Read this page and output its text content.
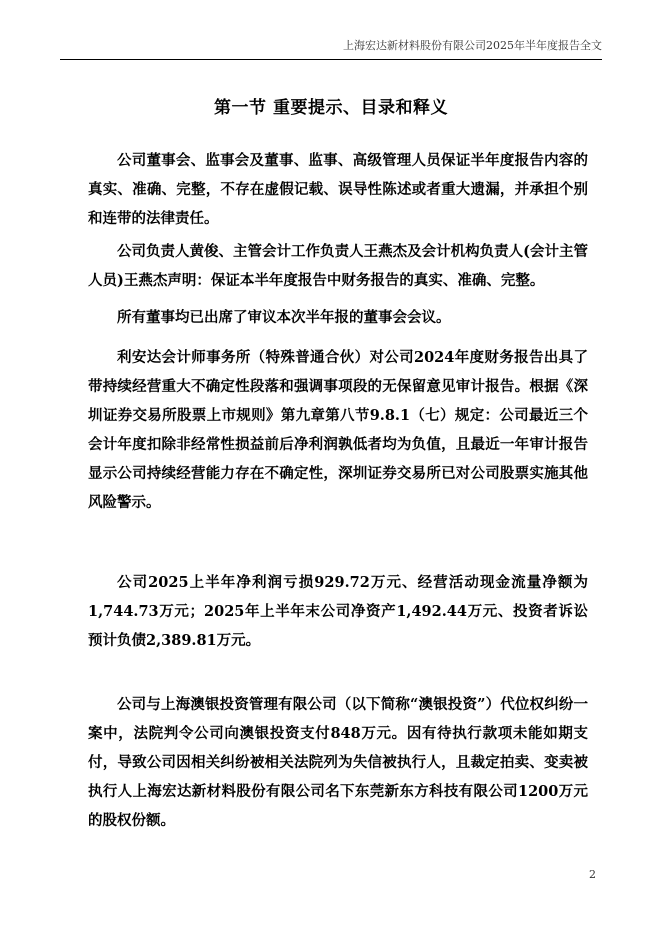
上海宏达新材料股份有限公司2025年半年度报告全文
第一节 重要提示、目录和释义

公司董事会、监事会及董事、监事、高级管理人员保证半年度报告内容的真实、准确、完整，不存在虚假记载、误导性陈述或者重大遗漏，并承担个别和连带的法律责任。

公司负责人黄俊、主管会计工作负责人王燕杰及会计机构负责人(会计主管人员)王燕杰声明：保证本半年度报告中财务报告的真实、准确、完整。

所有董事均已出席了审议本次半年报的董事会会议。

利安达会计师事务所（特殊普通合伙）对公司2024年度财务报告出具了带持续经营重大不确定性段落和强调事项段的无保留意见审计报告。根据《深圳证券交易所股票上市规则》第九章第八节9.8.1（七）规定：公司最近三个会计年度扣除非经常性损益前后净利润孰低者均为负值，且最近一年审计报告显示公司持续经营能力存在不确定性，深圳证券交易所已对公司股票实施其他风险警示。

公司2025上半年净利润亏损929.72万元、经营活动现金流量净额为1,744.73万元；2025年上半年末公司净资产1,492.44万元、投资者诉讼预计负债2,389.81万元。

公司与上海澳银投资管理有限公司（以下简称“澳银投资”）代位权纠纷一案中，法院判令公司向澳银投资支付848万元。因有待执行款项未能如期支付，导致公司因相关纠纷被相关法院列为失信被执行人，且裁定拍卖、变卖被执行人上海宏达新材料股份有限公司名下东莞新东方科技有限公司1200万元的股权份额。

2
